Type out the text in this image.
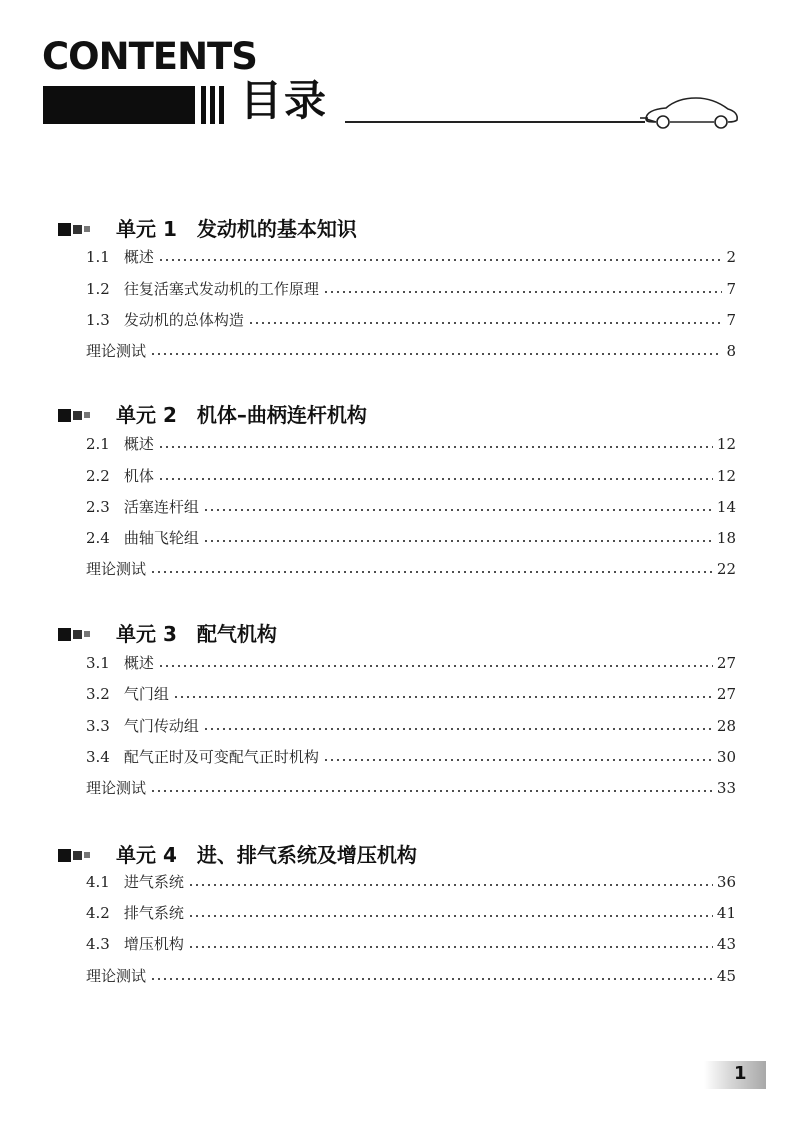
CONTENTS
目录
单元 1 发动机的基本知识
1.1 概述	2
1.2 往复活塞式发动机的工作原理	7
1.3 发动机的总体构造	7
理论测试	8
单元 2 机体–曲柄连杆机构
2.1 概述	12
2.2 机体	12
2.3 活塞连杆组	14
2.4 曲轴飞轮组	18
理论测试	22
单元 3 配气机构
3.1 概述	27
3.2 气门组	27
3.3 气门传动组	28
3.4 配气正时及可变配气正时机构	30
理论测试	33
单元 4 进、排气系统及增压机构
4.1 进气系统	36
4.2 排气系统	41
4.3 增压机构	43
理论测试	45
1
